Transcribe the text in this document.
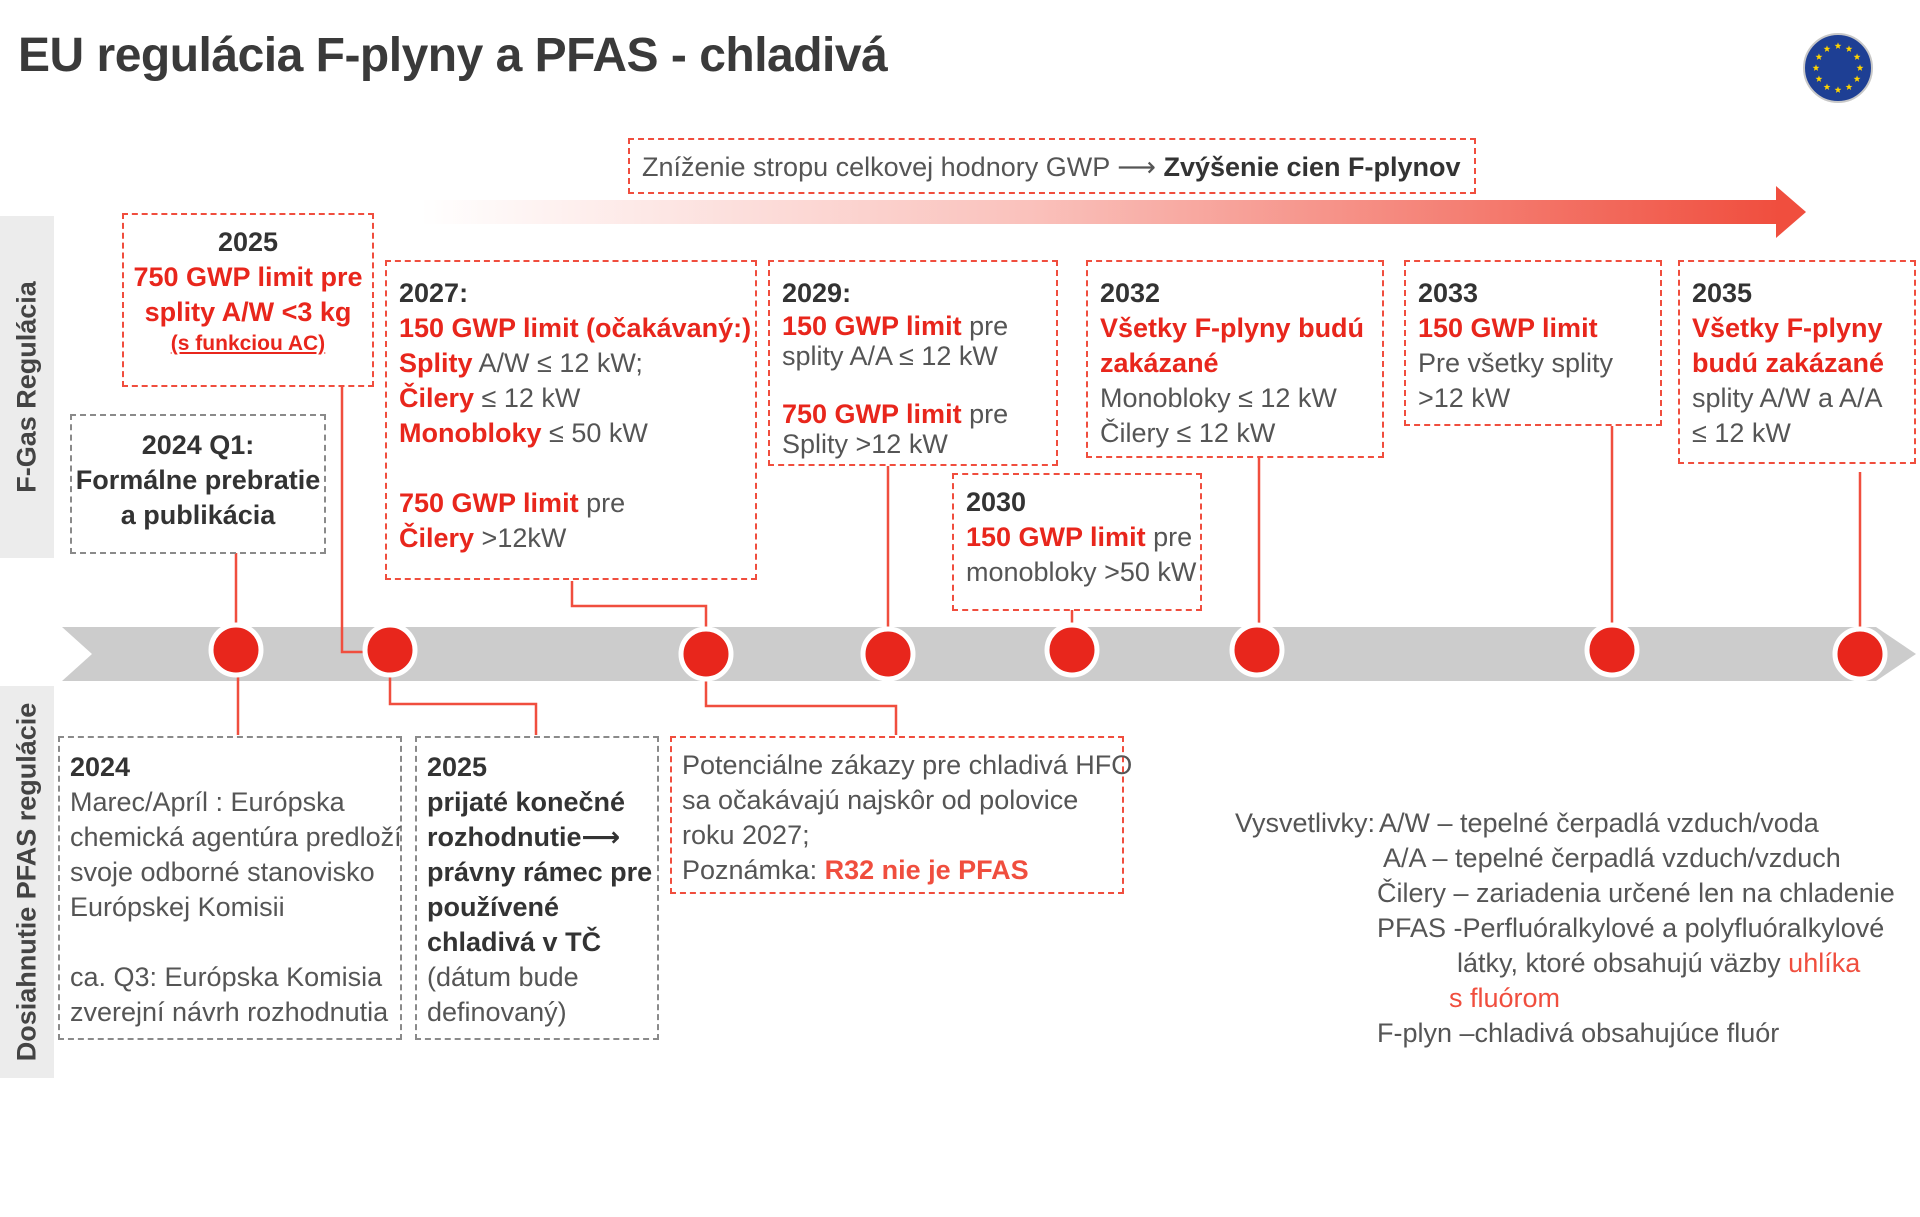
EU regulácia F-plyny a PFAS - chladivá
F-Gas Regulácia
Dosiahnutie PFAS regulácie
Zníženie stropu celkovej hodnory GWP ⟶ Zvýšenie cien F-plynov
2025
750 GWP limit pre
splity A/W <3 kg
(s funkciou AC)
2024 Q1:
Formálne prebratie
a publikácia
2027:
150 GWP limit (očakávaný:)
Splity A/W ≤ 12 kW;
Čilery ≤ 12 kW
Monobloky ≤ 50 kW
750 GWP limit pre
Čilery >12kW
2029:
150 GWP limit pre
splity A/A ≤ 12 kW
750 GWP limit pre
Splity >12 kW
2030
150 GWP limit pre
monobloky >50 kW
2032
Všetky F-plyny budú
zakázané
Monobloky ≤ 12 kW
Čilery ≤ 12 kW
2033
150 GWP limit
Pre všetky splity
>12 kW
2035
Všetky F-plyny
budú zakázané
splity A/W a A/A
≤ 12 kW
2024
Marec/Apríl : Európska
chemická agentúra predloží
svoje odborné stanovisko
Európskej Komisii
ca. Q3: Európska Komisia
zverejní návrh rozhodnutia
2025
prijaté konečné
rozhodnutie⟶
právny rámec pre
používené
chladivá v TČ
(dátum bude
definovaný)
Potenciálne zákazy pre chladivá HFO
sa očakávajú najskôr od polovice
roku 2027;
Poznámka: R32 nie je PFAS
Vysvetlivky: A/W – tepelné čerpadlá vzduch/voda
A/A – tepelné čerpadlá vzduch/vzduch
Čilery – zariadenia určené len na chladenie
PFAS -Perfluóralkylové a polyfluóralkylové
látky, ktoré obsahujú väzby uhlíka
s fluórom
F-plyn –chladivá obsahujúce fluór
